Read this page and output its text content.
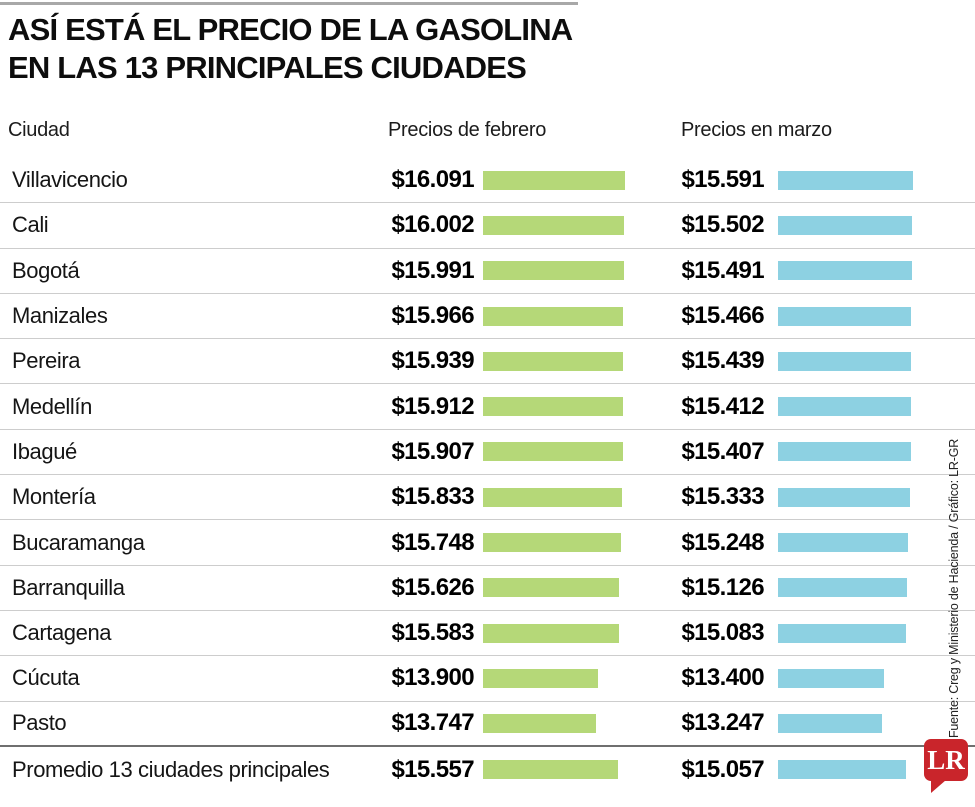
ASÍ ESTÁ EL PRECIO DE LA GASOLINA
EN LAS 13 PRINCIPALES CIUDADES
Ciudad	Precios de febrero	Precios en marzo
Villavicencio	$16.091	$15.591
Cali	$16.002	$15.502
Bogotá	$15.991	$15.491
Manizales	$15.966	$15.466
Pereira	$15.939	$15.439
Medellín	$15.912	$15.412
Ibagué	$15.907	$15.407
Montería	$15.833	$15.333
Bucaramanga	$15.748	$15.248
Barranquilla	$15.626	$15.126
Cartagena	$15.583	$15.083
Cúcuta	$13.900	$13.400
Pasto	$13.747	$13.247
Promedio 13 ciudades principales	$15.557	$15.057
Fuente: Creg y Ministerio de Hacienda / Gráfico: LR-GR
LR
